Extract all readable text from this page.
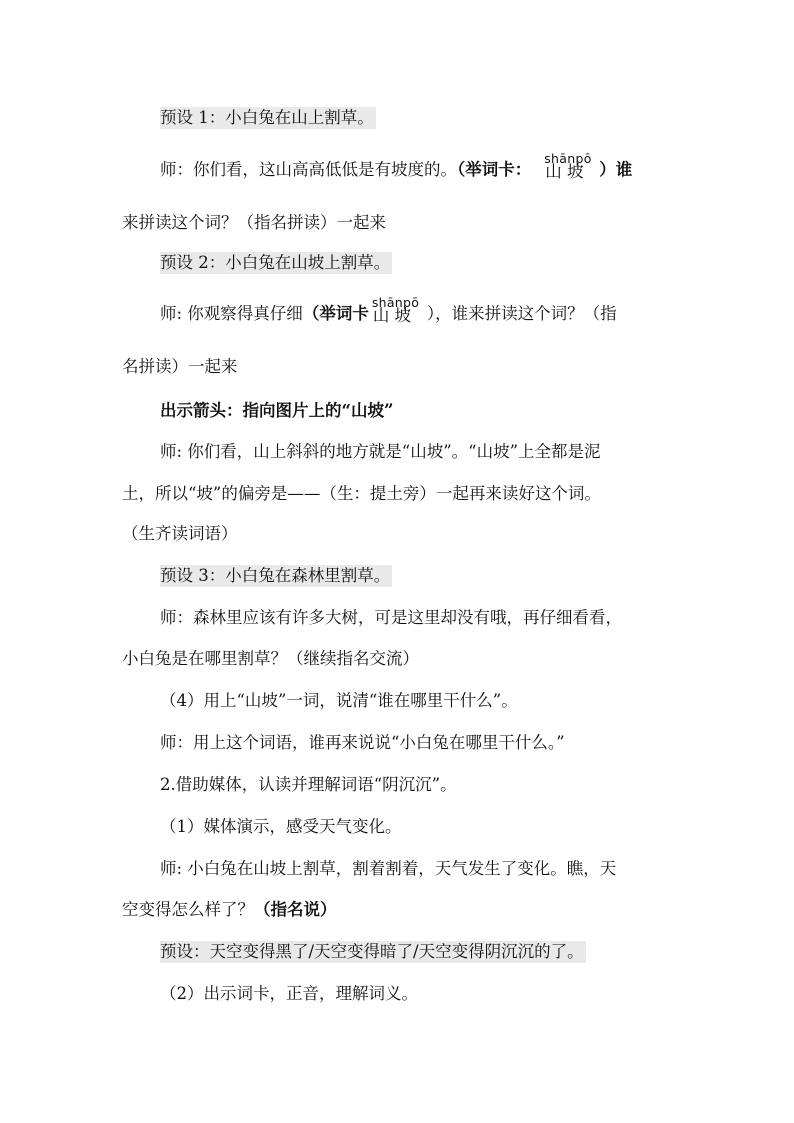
预设 1：小白兔在山上割草。
师：你们看，这山高高低低是有坡度的。（举词卡：
shānpō
山 坡 ）谁
来拼读这个词？（指名拼读）一起来
预设 2：小白兔在山坡上割草。
师: 你观察得真仔细（举词卡
shānpō
山 坡 ），谁来拼读这个词？（指
名拼读）一起来
出示箭头：指向图片上的“山坡”
师: 你们看，山上斜斜的地方就是“山坡”。“山坡”上全都是泥
土，所以“坡”的偏旁是——（生：提土旁）一起再来读好这个词。
（生齐读词语）
预设 3：小白兔在森林里割草。
师：森林里应该有许多大树，可是这里却没有哦，再仔细看看，
小白兔是在哪里割草？（继续指名交流）
（4）用上“山坡”一词，说清“谁在哪里干什么”。
师：用上这个词语，谁再来说说“小白兔在哪里干什么。”
2.借助媒体，认读并理解词语“阴沉沉”。
（1）媒体演示，感受天气变化。
师: 小白兔在山坡上割草，割着割着，天气发生了变化。瞧，天
空变得怎么样了？（指名说）
预设：天空变得黑了/天空变得暗了/天空变得阴沉沉的了。
（2）出示词卡，正音，理解词义。
